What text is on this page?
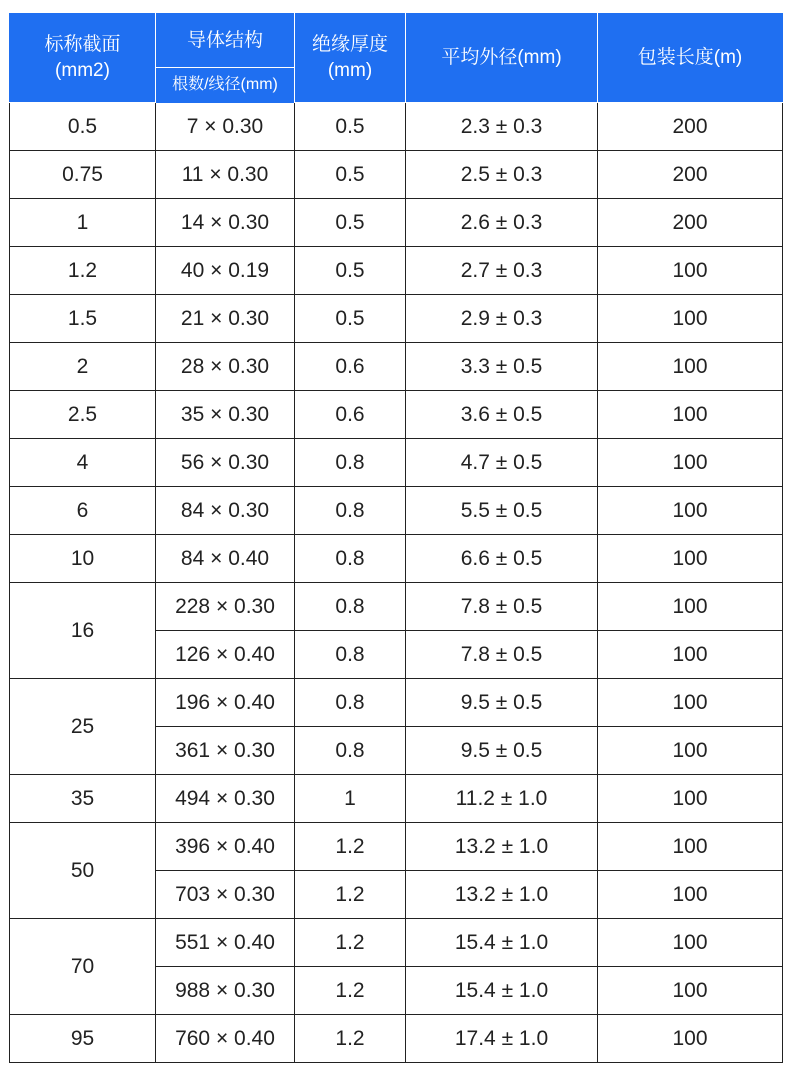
标称截面(mm2)	导体结构	绝缘厚度(mm)	平均外径(mm)	包装长度(m)
	根数/线径(mm)			
0.5	7 × 0.30	0.5	2.3 ± 0.3	200
0.75	11 × 0.30	0.5	2.5 ± 0.3	200
1	14 × 0.30	0.5	2.6 ± 0.3	200
1.2	40 × 0.19	0.5	2.7 ± 0.3	100
1.5	21 × 0.30	0.5	2.9 ± 0.3	100
2	28 × 0.30	0.6	3.3 ± 0.5	100
2.5	35 × 0.30	0.6	3.6 ± 0.5	100
4	56 × 0.30	0.8	4.7 ± 0.5	100
6	84 × 0.30	0.8	5.5 ± 0.5	100
10	84 × 0.40	0.8	6.6 ± 0.5	100
16	228 × 0.30	0.8	7.8 ± 0.5	100
	126 × 0.40	0.8	7.8 ± 0.5	100
25	196 × 0.40	0.8	9.5 ± 0.5	100
	361 × 0.30	0.8	9.5 ± 0.5	100
35	494 × 0.30	1	11.2 ± 1.0	100
50	396 × 0.40	1.2	13.2 ± 1.0	100
	703 × 0.30	1.2	13.2 ± 1.0	100
70	551 × 0.40	1.2	15.4 ± 1.0	100
	988 × 0.30	1.2	15.4 ± 1.0	100
95	760 × 0.40	1.2	17.4 ± 1.0	100
